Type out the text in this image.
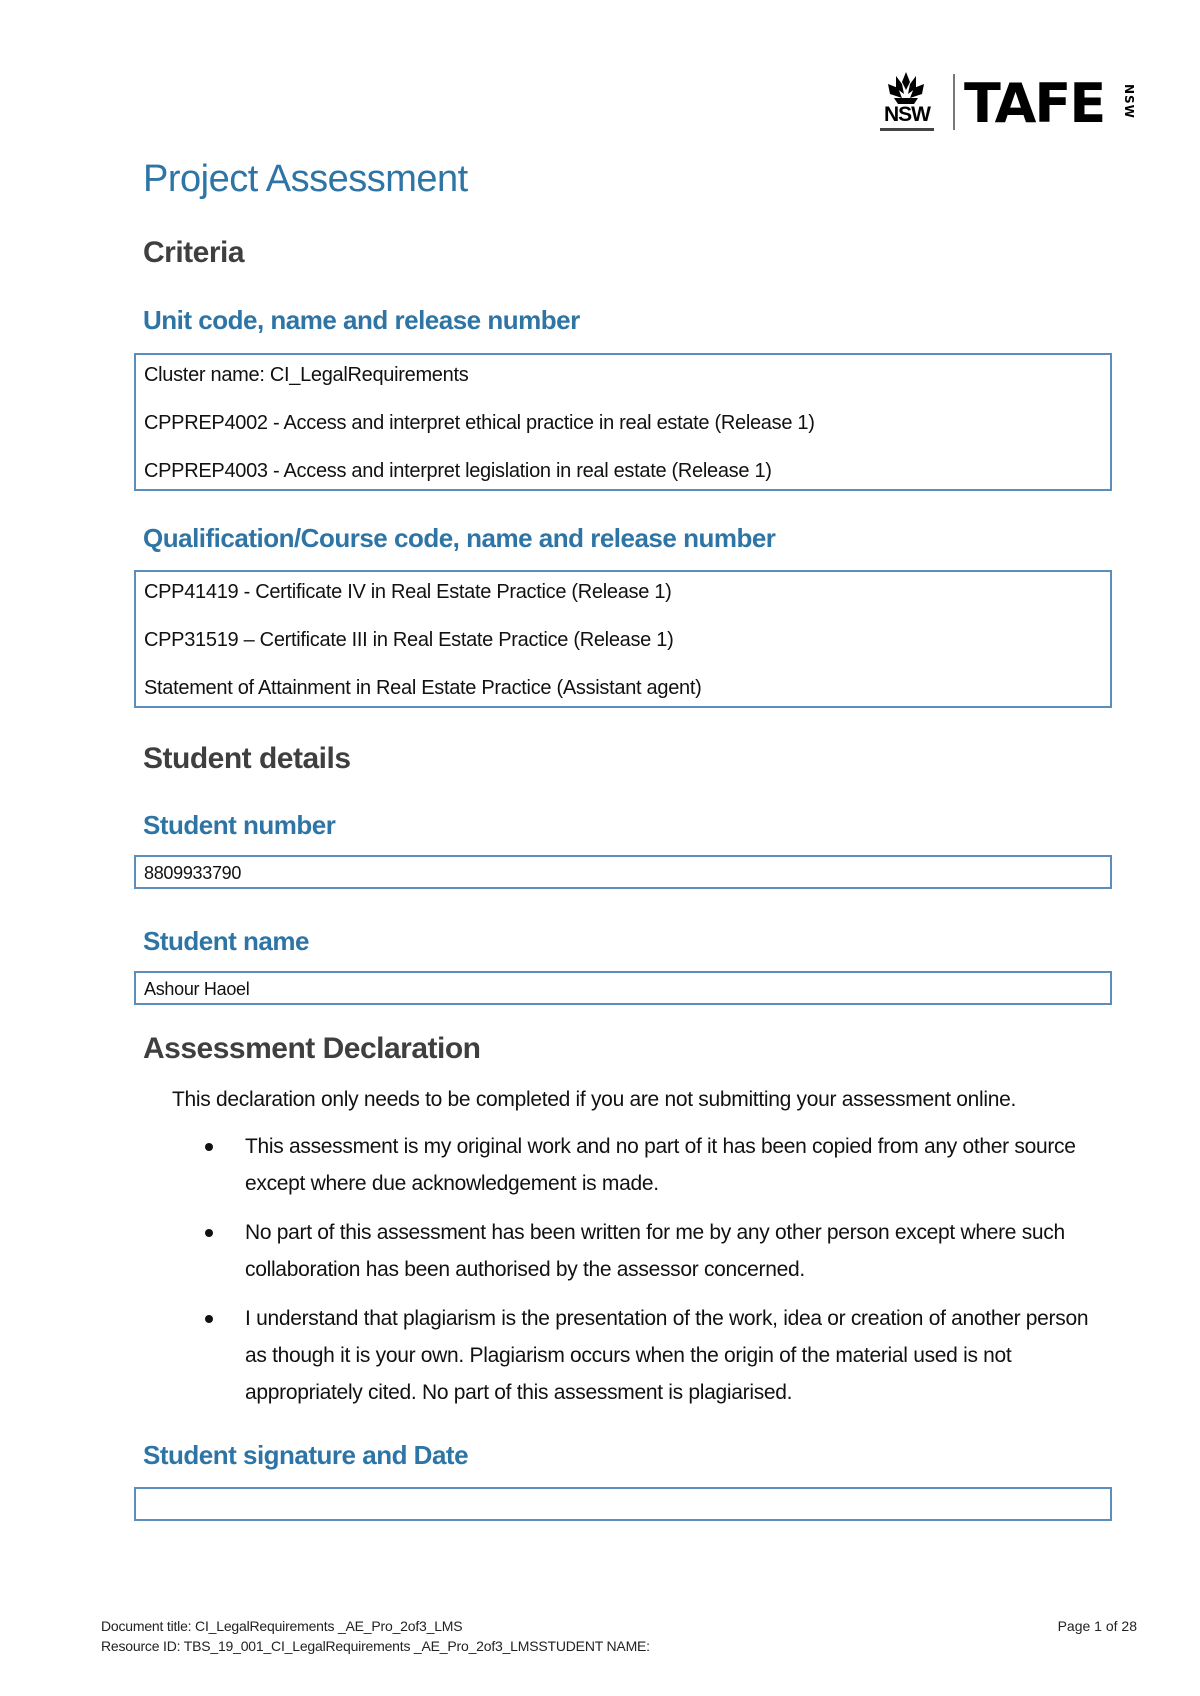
NSW TAFE NSW
Project Assessment
Criteria
Unit code, name and release number
Cluster name: CI_LegalRequirements
CPPREP4002 - Access and interpret ethical practice in real estate (Release 1)
CPPREP4003 - Access and interpret legislation in real estate (Release 1)
Qualification/Course code, name and release number
CPP41419 - Certificate IV in Real Estate Practice (Release 1)
CPP31519 – Certificate III in Real Estate Practice (Release 1)
Statement of Attainment in Real Estate Practice (Assistant agent)
Student details
Student number
8809933790
Student name
Ashour Haoel
Assessment Declaration

This declaration only needs to be completed if you are not submitting your assessment online.

This assessment is my original work and no part of it has been copied from any other source except where due acknowledgement is made.
No part of this assessment has been written for me by any other person except where such collaboration has been authorised by the assessor concerned.
I understand that plagiarism is the presentation of the work, idea or creation of another person as though it is your own. Plagiarism occurs when the origin of the material used is not appropriately cited. No part of this assessment is plagiarised.
Student signature and Date
Document title: CI_LegalRequirements _AE_Pro_2of3_LMS
Resource ID: TBS_19_001_CI_LegalRequirements _AE_Pro_2of3_LMSSTUDENT NAME:
Page 1 of 28
